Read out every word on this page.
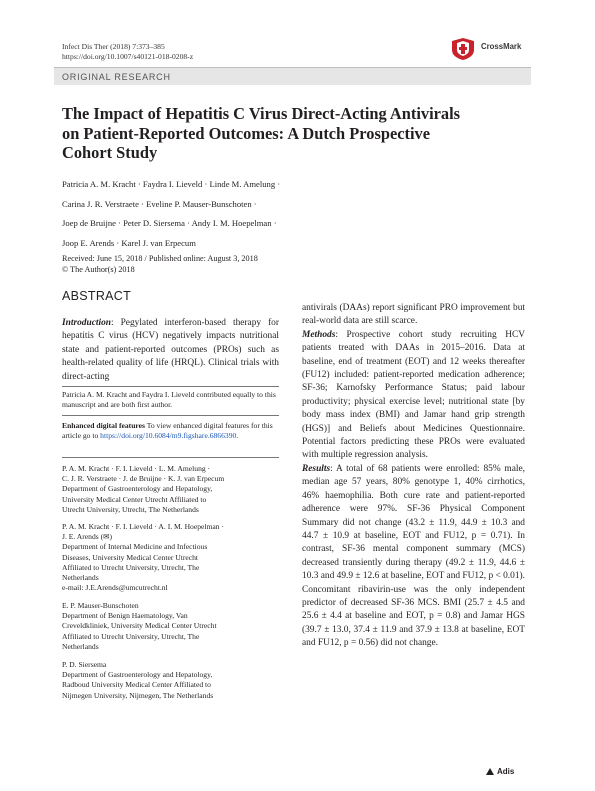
Infect Dis Ther (2018) 7:373–385
https://doi.org/10.1007/s40121-018-0208-z
CrossMark
ORIGINAL RESEARCH
The Impact of Hepatitis C Virus Direct-Acting Antivirals on Patient-Reported Outcomes: A Dutch Prospective Cohort Study
Patricia A. M. Kracht · Faydra I. Lieveld · Linde M. Amelung ·
Carina J. R. Verstraete · Eveline P. Mauser-Bunschoten ·
Joep de Bruijne · Peter D. Siersema · Andy I. M. Hoepelman ·
Joop E. Arends · Karel J. van Erpecum
Received: June 15, 2018 / Published online: August 3, 2018
© The Author(s) 2018
ABSTRACT
Introduction: Pegylated interferon-based therapy for hepatitis C virus (HCV) negatively impacts nutritional state and patient-reported outcomes (PROs) such as health-related quality of life (HRQL). Clinical trials with direct-acting
Patricia A. M. Kracht and Faydra I. Lieveld contributed equally to this manuscript and are both first author.
Enhanced digital features To view enhanced digital features for this article go to https://doi.org/10.6084/m9.figshare.6866390.
P. A. M. Kracht · F. I. Lieveld · L. M. Amelung ·
C. J. R. Verstraete · J. de Bruijne · K. J. van Erpecum
Department of Gastroenterology and Hepatology,
University Medical Center Utrecht Affiliated to
Utrecht University, Utrecht, The Netherlands
P. A. M. Kracht · F. I. Lieveld · A. I. M. Hoepelman ·
J. E. Arends (✉)
Department of Internal Medicine and Infectious
Diseases, University Medical Center Utrecht
Affiliated to Utrecht University, Utrecht, The
Netherlands
e-mail: J.E.Arends@umcutrecht.nl
E. P. Mauser-Bunschoten
Department of Benign Haematology, Van
Creveldkliniek, University Medical Center Utrecht
Affiliated to Utrecht University, Utrecht, The
Netherlands
P. D. Siersema
Department of Gastroenterology and Hepatology,
Radboud University Medical Center Affiliated to
Nijmegen University, Nijmegen, The Netherlands
antivirals (DAAs) report significant PRO improvement but real-world data are still scarce.
Methods: Prospective cohort study recruiting HCV patients treated with DAAs in 2015–2016. Data at baseline, end of treatment (EOT) and 12 weeks thereafter (FU12) included: patient-reported medication adherence; SF-36; Karnofsky Performance Status; paid labour productivity; physical exercise level; nutritional state [by body mass index (BMI) and Jamar hand grip strength (HGS)] and Beliefs about Medicines Questionnaire. Potential factors predicting these PROs were evaluated with multiple regression analysis.
Results: A total of 68 patients were enrolled: 85% male, median age 57 years, 80% genotype 1, 40% cirrhotics, 46% haemophilia. Both cure rate and patient-reported adherence were 97%. SF-36 Physical Component Summary did not change (43.2 ± 11.9, 44.9 ± 10.3 and 44.7 ± 10.9 at baseline, EOT and FU12, p = 0.71). In contrast, SF-36 mental component summary (MCS) decreased transiently during therapy (49.2 ± 11.9, 44.6 ± 10.3 and 49.9 ± 12.6 at baseline, EOT and FU12, p < 0.01). Concomitant ribavirin-use was the only independent predictor of decreased SF-36 MCS. BMI (25.7 ± 4.5 and 25.6 ± 4.4 at baseline and EOT, p = 0.8) and Jamar HGS (39.7 ± 13.0, 37.4 ± 11.9 and 37.9 ± 13.8 at baseline, EOT and FU12, p = 0.56) did not change.
Adis
